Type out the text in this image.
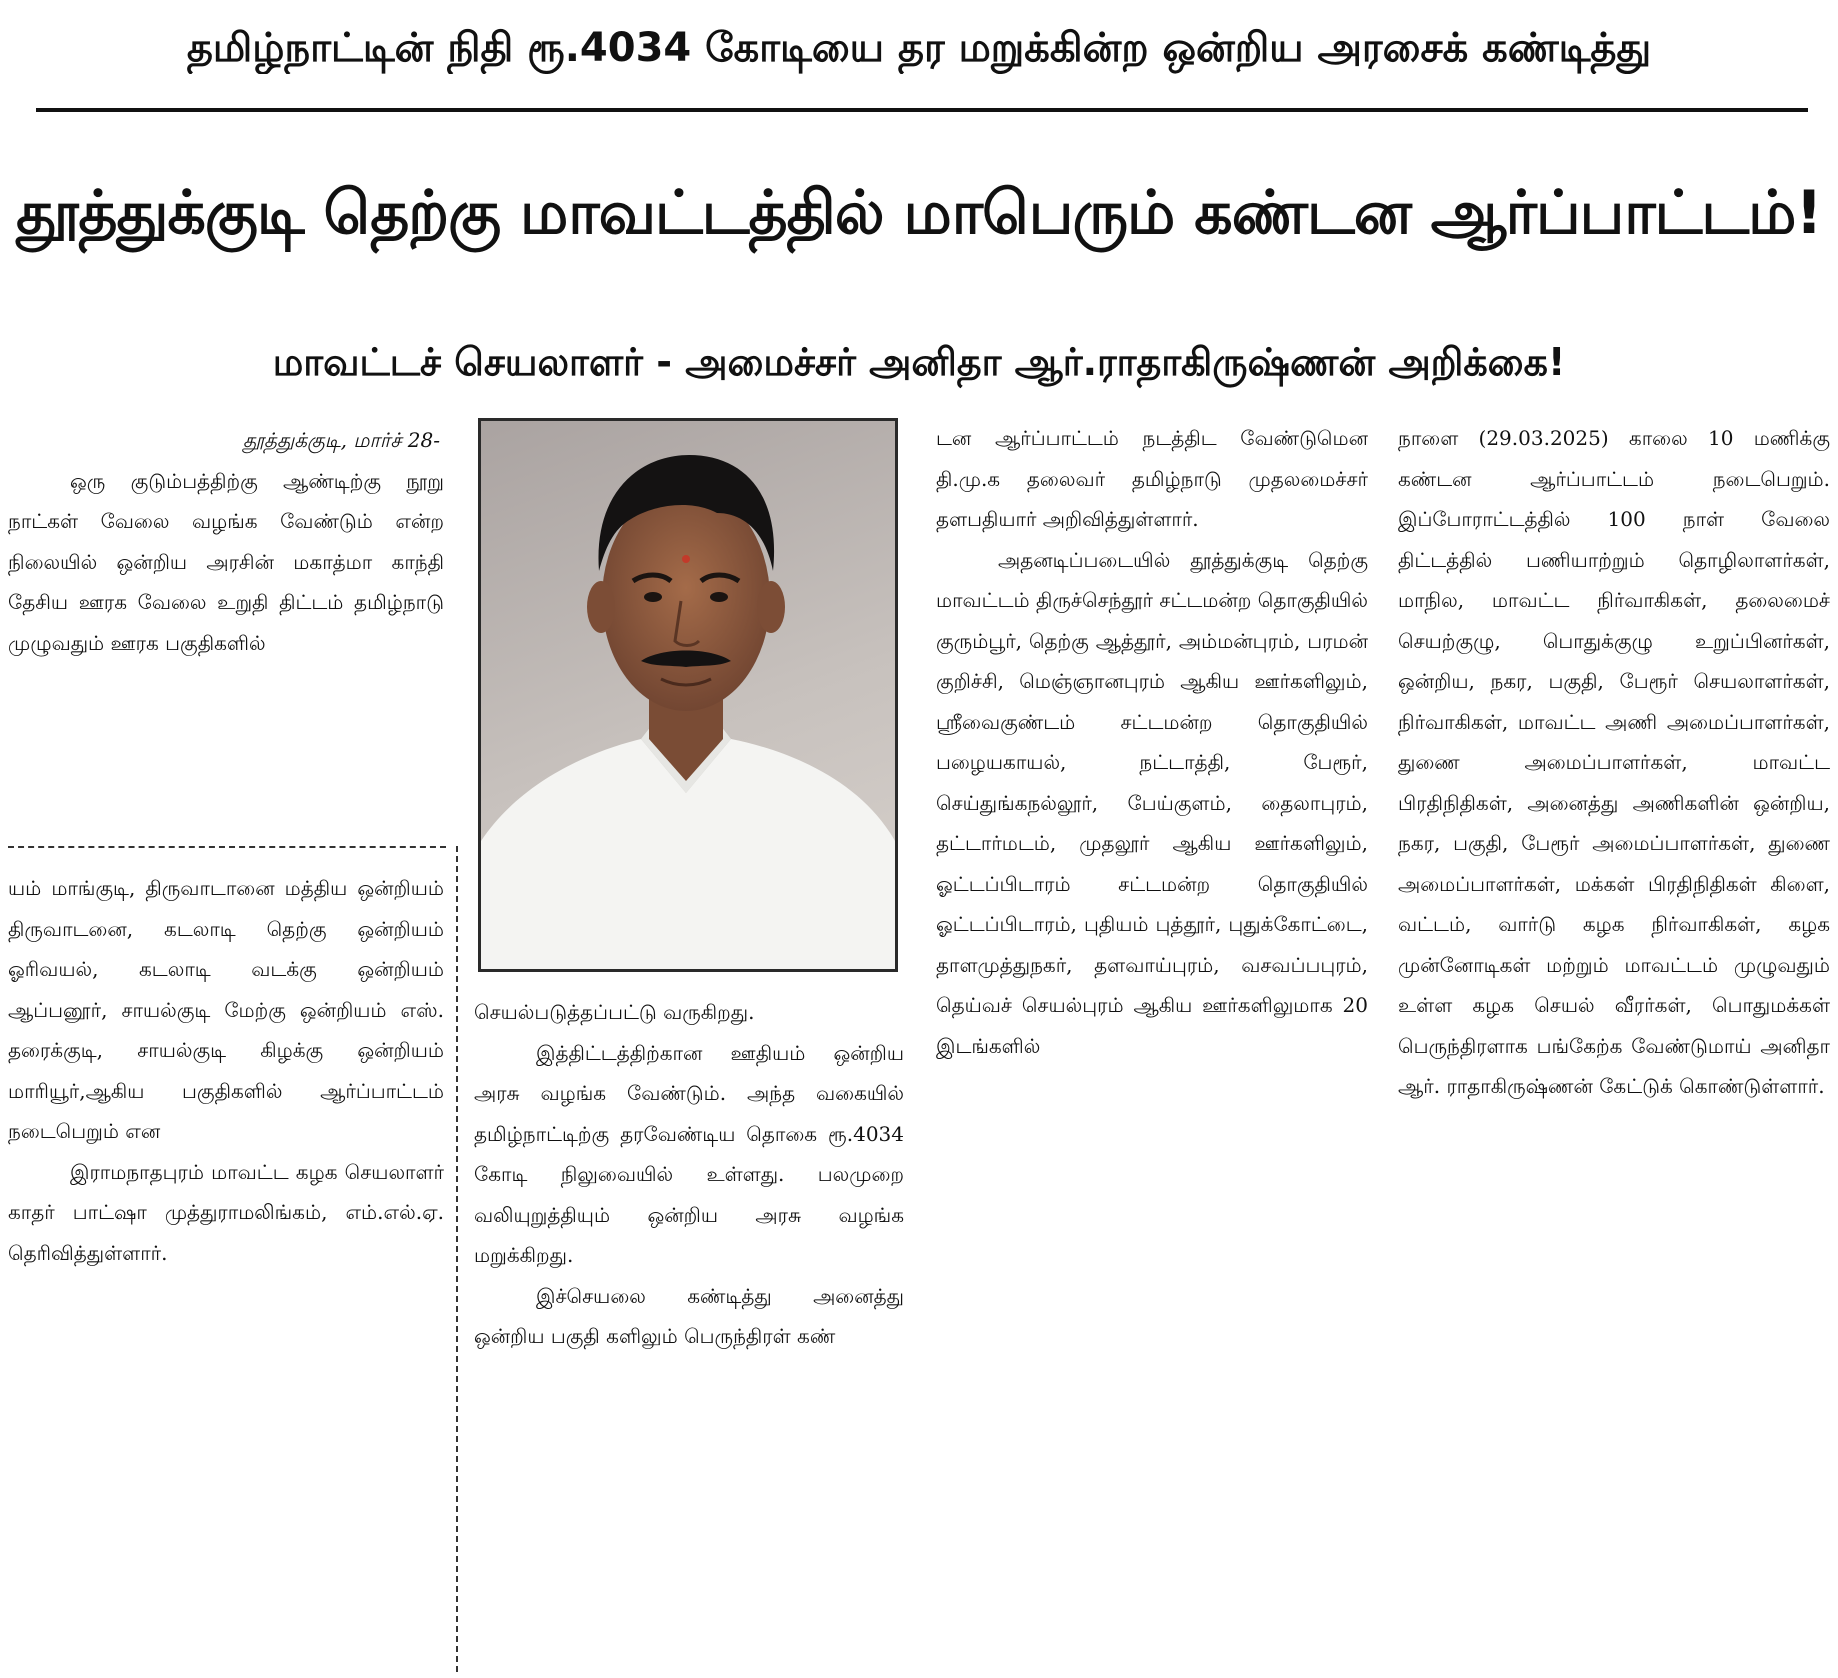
தமிழ்நாட்டின் நிதி ரூ.4034 கோடியை தர மறுக்கின்ற ஒன்றிய அரசைக் கண்டித்து
தூத்துக்குடி தெற்கு மாவட்டத்தில் மாபெரும் கண்டன ஆர்ப்பாட்டம்!
மாவட்டச் செயலாளர் - அமைச்சர் அனிதா ஆர்.ராதாகிருஷ்ணன் அறிக்கை!

தூத்துக்குடி, மார்ச் 28-

ஒரு குடும்பத்திற்கு ஆண்டிற்கு நூறு நாட்கள் வேலை வழங்க வேண்டும் என்ற நிலையில் ஒன்றிய அரசின் மகாத்மா காந்தி தேசிய ஊரக வேலை உறுதி திட்டம் தமிழ்நாடு முழுவதும் ஊரக பகுதிகளில்

யம் மாங்குடி, திருவாடானை மத்திய ஒன்றியம் திருவாடனை, கடலாடி தெற்கு ஒன்றியம் ஓரிவயல், கடலாடி வடக்கு ஒன்றியம் ஆப்பனூர், சாயல்குடி மேற்கு ஒன்றியம் எஸ். தரைக்குடி, சாயல்குடி கிழக்கு ஒன்றியம் மாரியூர்,ஆகிய பகுதிகளில் ஆர்ப்பாட்டம் நடைபெறும் என

இராமநாதபுரம் மாவட்ட கழக செயலாளர் காதர் பாட்ஷா முத்துராமலிங்கம், எம்.எல்.ஏ. தெரிவித்துள்ளார்.

செயல்படுத்தப்பட்டு வருகிறது.

இத்திட்டத்திற்கான ஊதியம் ஒன்றிய அரசு வழங்க வேண்டும். அந்த வகையில் தமிழ்நாட்டிற்கு தரவேண்டிய தொகை ரூ.4034 கோடி நிலுவையில் உள்ளது. பலமுறை வலியுறுத்தியும் ஒன்றிய அரசு வழங்க மறுக்கிறது.

இச்செயலை கண்டித்து அனைத்து ஒன்றிய பகுதி களிலும் பெருந்திரள் கண்

டன ஆர்ப்பாட்டம் நடத்திட வேண்டுமென தி.மு.க தலைவர் தமிழ்நாடு முதலமைச்சர் தளபதியார் அறிவித்துள்ளார்.

அதனடிப்படையில் தூத்துக்குடி தெற்கு மாவட்டம் திருச்செந்தூர் சட்டமன்ற தொகுதியில் குரும்பூர், தெற்கு ஆத்தூர், அம்மன்புரம், பரமன் குறிச்சி, மெஞ்ஞானபுரம் ஆகிய ஊர்களிலும், ஸ்ரீவைகுண்டம் சட்டமன்ற தொகுதியில் பழையகாயல், நட்டாத்தி, பேரூர், செய்துங்கநல்லூர், பேய்குளம், தைலாபுரம், தட்டார்மடம், முதலூர் ஆகிய ஊர்களிலும், ஓட்டப்பிடாரம் சட்டமன்ற தொகுதியில் ஓட்டப்பிடாரம், புதியம் புத்தூர், புதுக்கோட்டை, தாளமுத்துநகர், தளவாய்புரம், வசவப்பபுரம், தெய்வச் செயல்புரம் ஆகிய ஊர்களிலுமாக 20 இடங்களில்

நாளை (29.03.2025) காலை 10 மணிக்கு கண்டன ஆர்ப்பாட்டம் நடைபெறும். இப்போராட்டத்தில் 100 நாள் வேலை திட்டத்தில் பணியாற்றும் தொழிலாளர்கள், மாநில, மாவட்ட நிர்வாகிகள், தலைமைச் செயற்குழு, பொதுக்குழு உறுப்பினர்கள், ஒன்றிய, நகர, பகுதி, பேரூர் செயலாளர்கள், நிர்வாகிகள், மாவட்ட அணி அமைப்பாளர்கள், துணை அமைப்பாளர்கள், மாவட்ட பிரதிநிதிகள், அனைத்து அணிகளின் ஒன்றிய, நகர, பகுதி, பேரூர் அமைப்பாளர்கள், துணை அமைப்பாளர்கள், மக்கள் பிரதிநிதிகள் கிளை, வட்டம், வார்டு கழக நிர்வாகிகள், கழக முன்னோடிகள் மற்றும் மாவட்டம் முழுவதும் உள்ள கழக செயல் வீரர்கள், பொதுமக்கள் பெருந்திரளாக பங்கேற்க வேண்டுமாய் அனிதா ஆர். ராதாகிருஷ்ணன் கேட்டுக் கொண்டுள்ளார்.
